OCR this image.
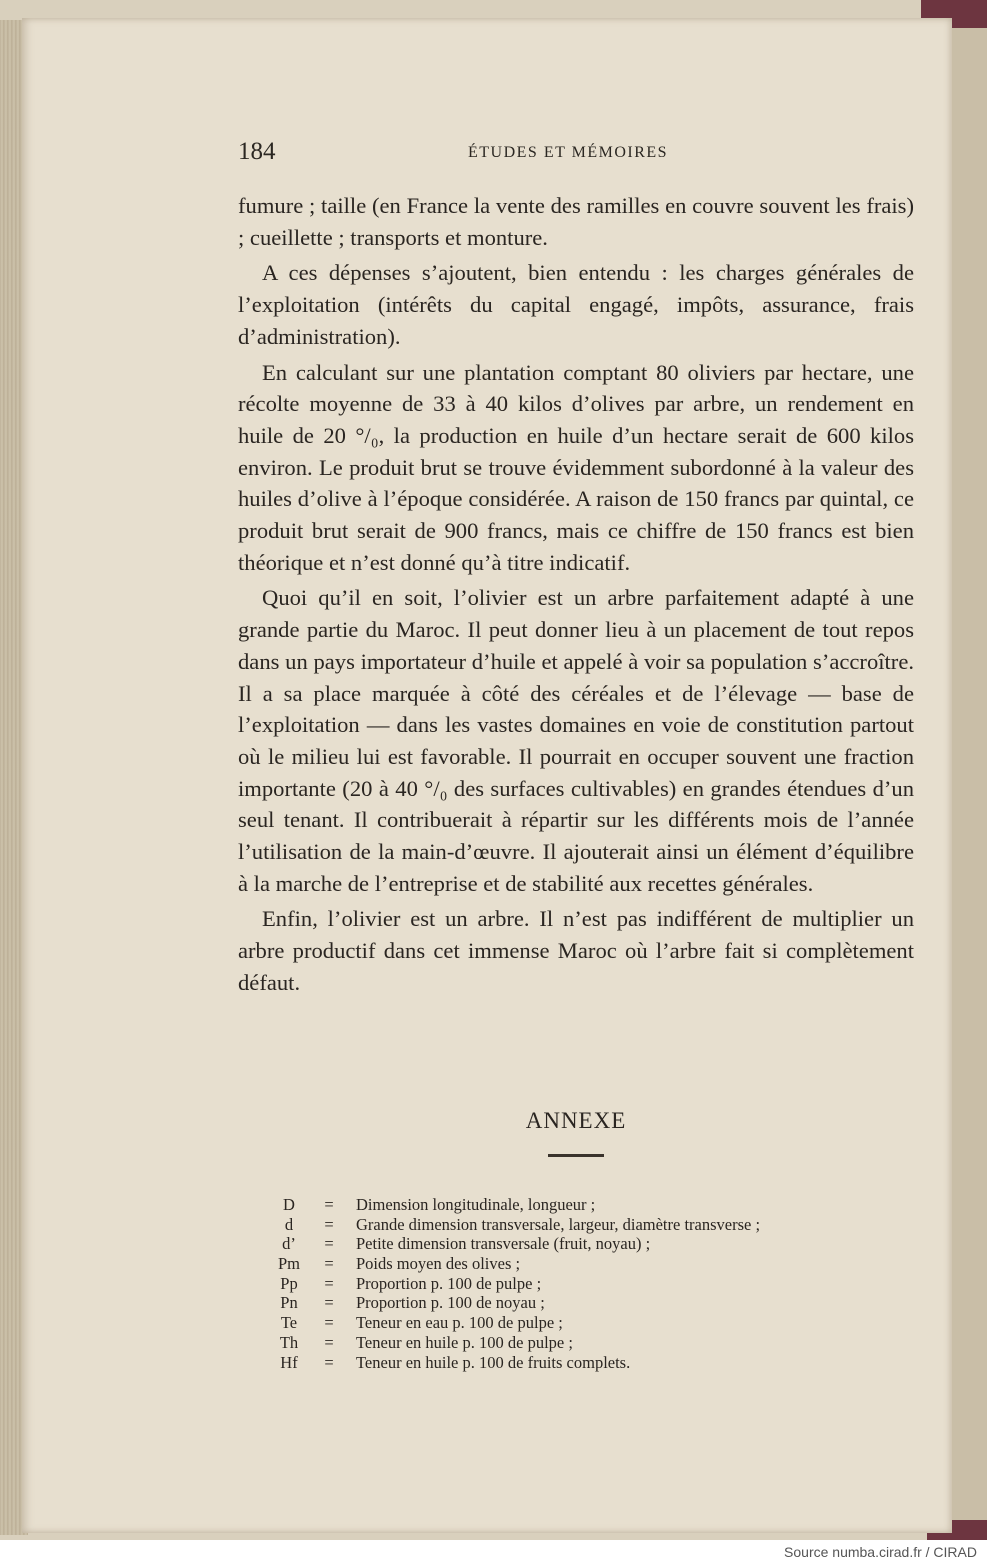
184	ÉTUDES ET MÉMOIRES

fumure ; taille (en France la vente des ramilles en couvre souvent les frais) ; cueillette ; transports et monture.

A ces dépenses s’ajoutent, bien entendu : les charges générales de l’exploitation (intérêts du capital engagé, impôts, assurance, frais d’administration).

En calculant sur une plantation comptant 80 oliviers par hectare, une récolte moyenne de 33 à 40 kilos d’olives par arbre, un rendement en huile de 20 °/₀, la production en huile d’un hectare serait de 600 kilos environ. Le produit brut se trouve évidemment subordonné à la valeur des huiles d’olive à l’époque considérée. A raison de 150 francs par quintal, ce produit brut serait de 900 francs, mais ce chiffre de 150 francs est bien théorique et n’est donné qu’à titre indicatif.

Quoi qu’il en soit, l’olivier est un arbre parfaitement adapté à une grande partie du Maroc. Il peut donner lieu à un placement de tout repos dans un pays importateur d’huile et appelé à voir sa population s’accroître. Il a sa place marquée à côté des céréales et de l’élevage — base de l’exploitation — dans les vastes domaines en voie de constitution partout où le milieu lui est favorable. Il pourrait en occuper souvent une fraction importante (20 à 40 °/₀ des surfaces cultivables) en grandes étendues d’un seul tenant. Il contribuerait à répartir sur les différents mois de l’année l’utilisation de la main-d’œuvre. Il ajouterait ainsi un élément d’équilibre à la marche de l’entreprise et de stabilité aux recettes générales.

Enfin, l’olivier est un arbre. Il n’est pas indifférent de multiplier un arbre productif dans cet immense Maroc où l’arbre fait si complètement défaut.

ANNEXE
D	=	Dimension longitudinale, longueur ;
d	=	Grande dimension transversale, largeur, diamètre transverse ;
d’	=	Petite dimension transversale (fruit, noyau) ;
Pm	=	Poids moyen des olives ;
Pp	=	Proportion p. 100 de pulpe ;
Pn	=	Proportion p. 100 de noyau ;
Te	=	Teneur en eau p. 100 de pulpe ;
Th	=	Teneur en huile p. 100 de pulpe ;
Hf	=	Teneur en huile p. 100 de fruits complets.
Source numba.cirad.fr / CIRAD
